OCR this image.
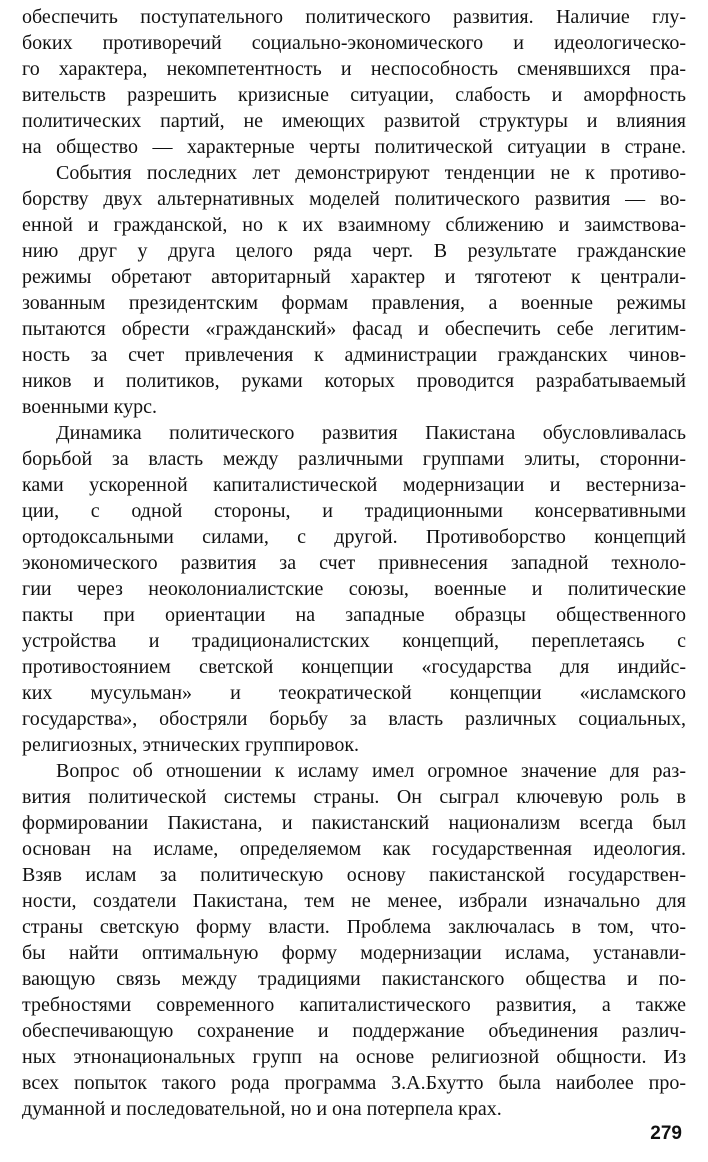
обеспечить поступательного политического развития. Наличие глу-
боких противоречий социально-экономического и идеологическо-
го характера, некомпетентность и неспособность сменявшихся пра-
вительств разрешить кризисные ситуации, слабость и аморфность
политических партий, не имеющих развитой структуры и влияния
на общество — характерные черты политической ситуации в стране.
События последних лет демонстрируют тенденции не к противо-
борству двух альтернативных моделей политического развития — во-
енной и гражданской, но к их взаимному сближению и заимствова-
нию друг у друга целого ряда черт. В результате гражданские
режимы обретают авторитарный характер и тяготеют к централи-
зованным президентским формам правления, а военные режимы
пытаются обрести «гражданский» фасад и обеспечить себе легитим-
ность за счет привлечения к администрации гражданских чинов-
ников и политиков, руками которых проводится разрабатываемый
военными курс.
Динамика политического развития Пакистана обусловливалась
борьбой за власть между различными группами элиты, сторонни-
ками ускоренной капиталистической модернизации и вестерниза-
ции, с одной стороны, и традиционными консервативными
ортодоксальными силами, с другой. Противоборство концепций
экономического развития за счет привнесения западной техноло-
гии через неоколониалистские союзы, военные и политические
пакты при ориентации на западные образцы общественного
устройства и традиционалистских концепций, переплетаясь с
противостоянием светской концепции «государства для индийс-
ких мусульман» и теократической концепции «исламского
государства», обостряли борьбу за власть различных социальных,
религиозных, этнических группировок.
Вопрос об отношении к исламу имел огромное значение для раз-
вития политической системы страны. Он сыграл ключевую роль в
формировании Пакистана, и пакистанский национализм всегда был
основан на исламе, определяемом как государственная идеология.
Взяв ислам за политическую основу пакистанской государствен-
ности, создатели Пакистана, тем не менее, избрали изначально для
страны светскую форму власти. Проблема заключалась в том, что-
бы найти оптимальную форму модернизации ислама, устанавли-
вающую связь между традициями пакистанского общества и по-
требностями современного капиталистического развития, а также
обеспечивающую сохранение и поддержание объединения различ-
ных этнонациональных групп на основе религиозной общности. Из
всех попыток такого рода программа З.А.Бхутто была наиболее про-
думанной и последовательной, но и она потерпела крах.
279
